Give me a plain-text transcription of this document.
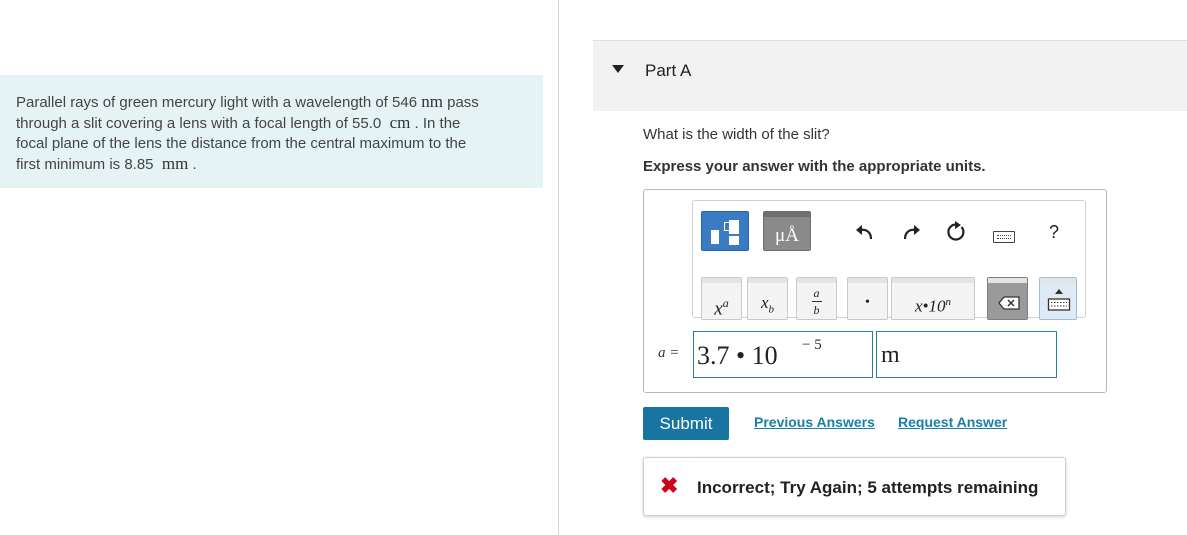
Parallel rays of green mercury light with a wavelength of 546 nm pass
through a slit covering a lens with a focal length of 55.0 cm . In the
focal plane of the lens the distance from the central maximum to the
first minimum is 8.85 mm .
Part A
What is the width of the slit?
Express your answer with the appropriate units.
μÅ	?
$x^a$	$x_b$
a
b	•	x•10$^n$
a = 3.7 • 10 − 5 m
Submit	Previous Answers Request Answer
✖ Incorrect; Try Again; 5 attempts remaining
